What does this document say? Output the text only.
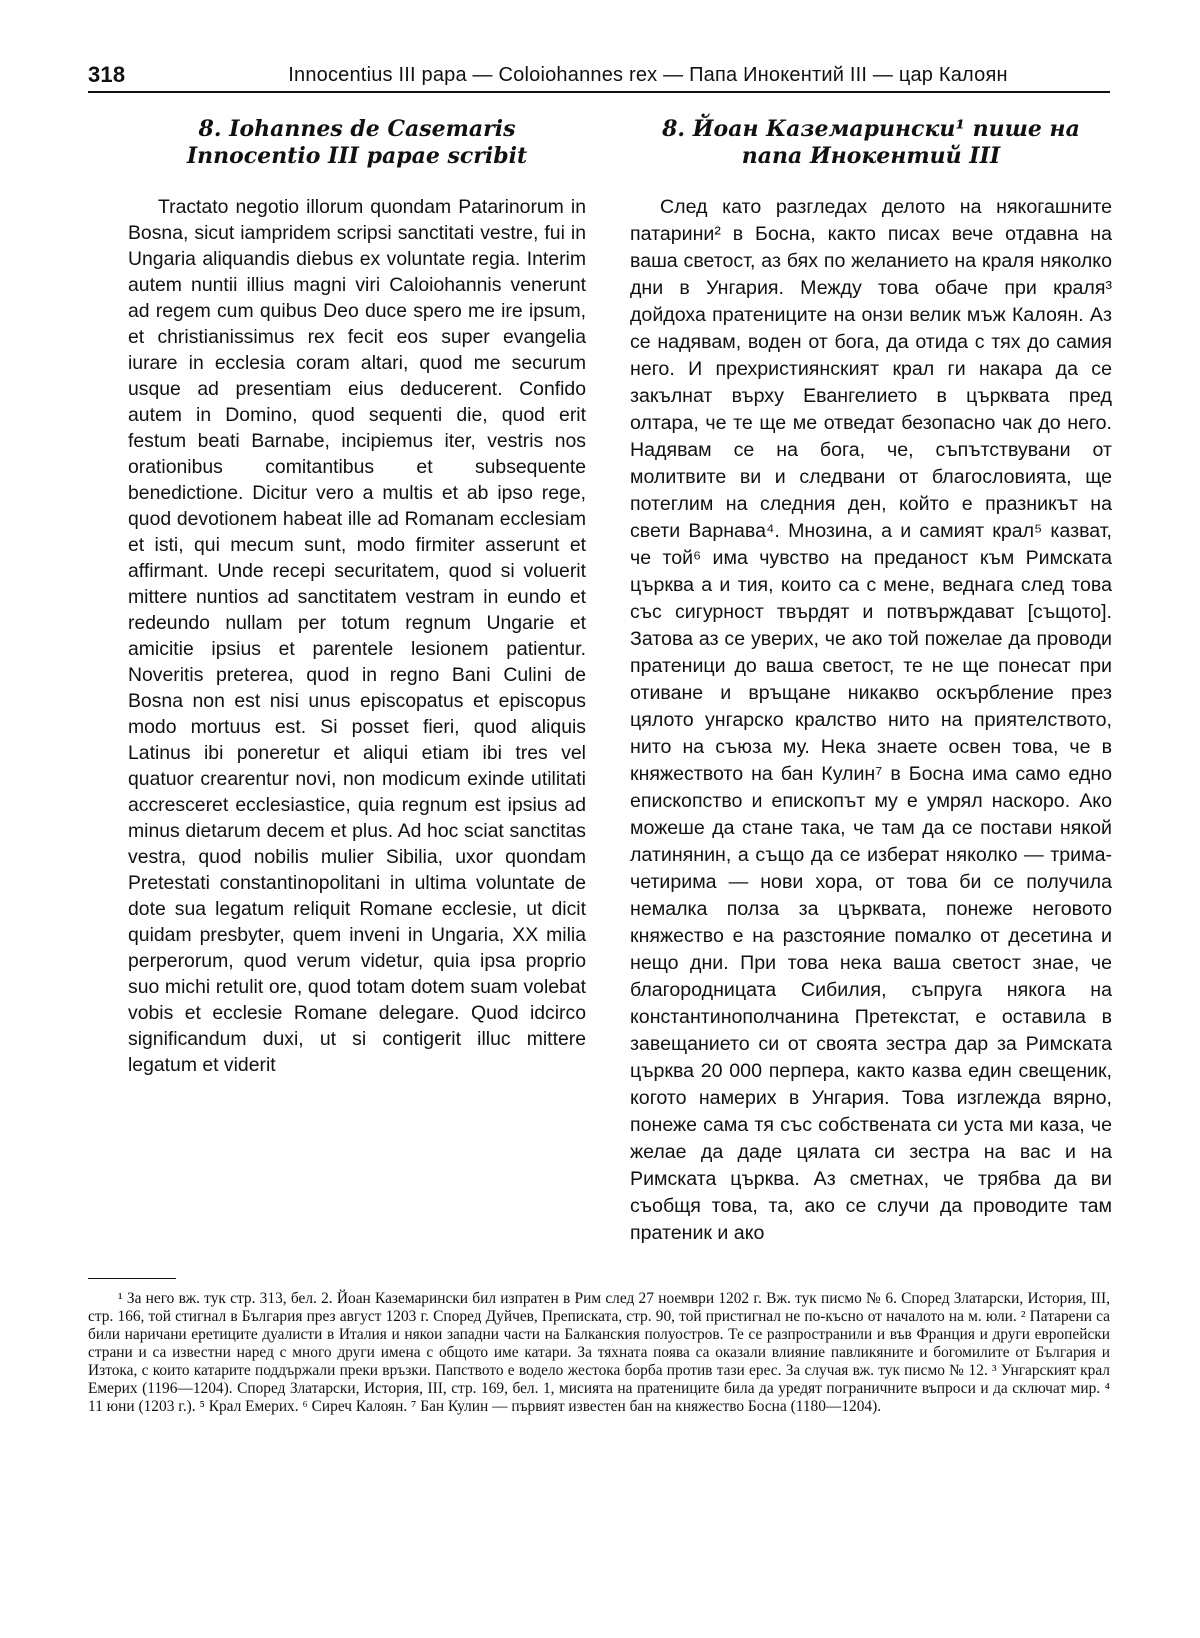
318	Innocentius III papa — Coloiohannes rex — Папа Инокентий III — цар Калоян
8. Iohannes de Casemaris Innocentio III papae scribit

Tractato negotio illorum quondam Patarinorum in Bosna, sicut iampridem scripsi sanctitati vestre, fui in Ungaria aliquandis diebus ex voluntate regia. Interim autem nuntii illius magni viri Caloiohannis venerunt ad regem cum quibus Deo duce spero me ire ipsum, et christianissimus rex fecit eos super evangelia iurare in ecclesia coram altari, quod me securum usque ad presentiam eius deducerent. Confido autem in Domino, quod sequenti die, quod erit festum beati Barnabe, incipiemus iter, vestris nos orationibus comitantibus et subsequente benedictione. Dicitur vero a multis et ab ipso rege, quod devotionem habeat ille ad Romanam ecclesiam et isti, qui mecum sunt, modo firmiter asserunt et affirmant. Unde recepi securitatem, quod si voluerit mittere nuntios ad sanctitatem vestram in eundo et redeundo nullam per totum regnum Ungarie et amicitie ipsius et parentele lesionem patientur. Noveritis preterea, quod in regno Bani Culini de Bosna non est nisi unus episcopatus et episcopus modo mortuus est. Si posset fieri, quod aliquis Latinus ibi poneretur et aliqui etiam ibi tres vel quatuor crearentur novi, non modicum exinde utilitati accresceret ecclesiastice, quia regnum est ipsius ad minus dietarum decem et plus. Ad hoc sciat sanctitas vestra, quod nobilis mulier Sibilia, uxor quondam Pretestati constantinopolitani in ultima voluntate de dote sua legatum reliquit Romane ecclesie, ut dicit quidam presbyter, quem inveni in Ungaria, XX milia perperorum, quod verum videtur, quia ipsa proprio suo michi retulit ore, quod totam dotem suam volebat vobis et ecclesie Romane delegare. Quod idcirco significandum duxi, ut si contigerit illuc mittere legatum et viderit

8. Йоан Каземарински¹ пише на папа Инокентий III

След като разгледах делото на някогашните патарини² в Босна, както писах вече отдавна на ваша светост, аз бях по желанието на краля няколко дни в Унгария. Между това обаче при краля³ дойдоха пратениците на онзи велик мъж Калоян. Аз се надявам, воден от бога, да отида с тях до самия него. И прехристиянският крал ги накара да се закълнат върху Евангелието в църквата пред олтара, че те ще ме отведат безопасно чак до него. Надявам се на бога, че, съпътствувани от молитвите ви и следвани от благословията, ще потеглим на следния ден, който е празникът на свети Варнава⁴. Мнозина, а и самият крал⁵ казват, че той⁶ има чувство на преданост към Римската църква а и тия, които са с мене, веднага след това със сигурност твърдят и потвърждават [същото]. Затова аз се уверих, че ако той пожелае да проводи пратеници до ваша светост, те не ще понесат при отиване и връщане никакво оскърбление през цялото унгарско кралство нито на приятелството, нито на съюза му. Нека знаете освен това, че в княжеството на бан Кулин⁷ в Босна има само едно епископство и епископът му е умрял наскоро. Ако можеше да стане така, че там да се постави някой латинянин, а също да се изберат няколко — трима-четирима — нови хора, от това би се получила немалка полза за църквата, понеже неговото княжество е на разстояние помалко от десетина и нещо дни. При това нека ваша светост знае, че благородницата Сибилия, съпруга някога на константинополчанина Претекстат, е оставила в завещанието си от своята зестра дар за Римската църква 20 000 перпера, както казва един свещеник, когото намерих в Унгария. Това изглежда вярно, понеже сама тя със собствената си уста ми каза, че желае да даде цялата си зестра на вас и на Римската църква. Аз сметнах, че трябва да ви съобщя това, та, ако се случи да проводите там пратеник и ако

¹ За него вж. тук стр. 313, бел. 2. Йоан Каземарински бил изпратен в Рим след 27 ноември 1202 г. Вж. тук писмо № 6. Според Златарски, История, III, стр. 166, той стигнал в България през август 1203 г. Според Дуйчев, Преписката, стр. 90, той пристигнал не по-късно от началото на м. юли. ² Патарени са били наричани еретиците дуалисти в Италия и някои западни части на Балканския полуостров. Те се разпространили и във Франция и други европейски страни и са известни наред с много други имена с общото име катари. За тяхната поява са оказали влияние павликяните и богомилите от България и Изтока, с които катарите поддържали преки връзки. Папството е водело жестока борба против тази ерес. За случая вж. тук писмо № 12. ³ Унгарският крал Емерих (1196—1204). Според Златарски, История, III, стр. 169, бел. 1, мисията на пратениците била да уредят пограничните въпроси и да сключат мир. ⁴ 11 юни (1203 г.). ⁵ Крал Емерих. ⁶ Сиреч Калоян. ⁷ Бан Кулин — първият известен бан на княжество Босна (1180—1204).
